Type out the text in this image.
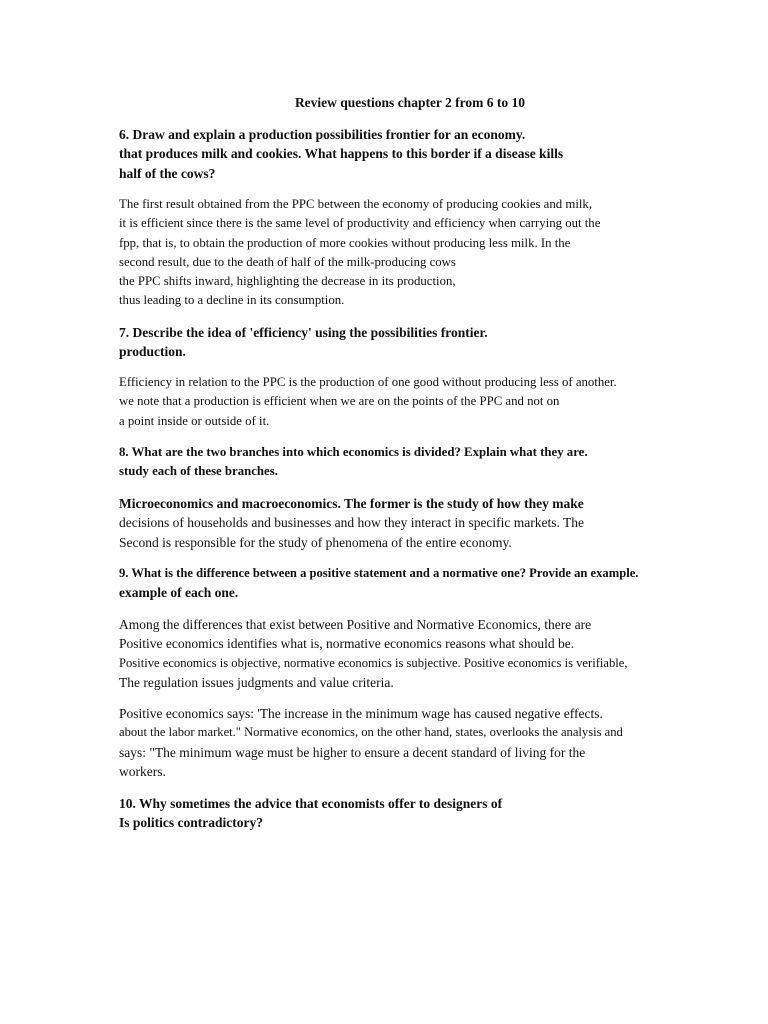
Review questions chapter 2 from 6 to 10
6. Draw and explain a production possibilities frontier for an economy.
that produces milk and cookies. What happens to this border if a disease kills
half of the cows?
The first result obtained from the PPC between the economy of producing cookies and milk,
it is efficient since there is the same level of productivity and efficiency when carrying out the
fpp, that is, to obtain the production of more cookies without producing less milk. In the
second result, due to the death of half of the milk-producing cows
the PPC shifts inward, highlighting the decrease in its production,
thus leading to a decline in its consumption.
7. Describe the idea of 'efficiency' using the possibilities frontier.
production.
Efficiency in relation to the PPC is the production of one good without producing less of another.
we note that a production is efficient when we are on the points of the PPC and not on
a point inside or outside of it.
8. What are the two branches into which economics is divided? Explain what they are.
study each of these branches.
Microeconomics and macroeconomics. The former is the study of how they make
decisions of households and businesses and how they interact in specific markets. The
Second is responsible for the study of phenomena of the entire economy.
9. What is the difference between a positive statement and a normative one? Provide an example.
example of each one.
Among the differences that exist between Positive and Normative Economics, there are
Positive economics identifies what is, normative economics reasons what should be.
Positive economics is objective, normative economics is subjective. Positive economics is verifiable,
The regulation issues judgments and value criteria.
Positive economics says: 'The increase in the minimum wage has caused negative effects.
about the labor market." Normative economics, on the other hand, states, overlooks the analysis and
says: "The minimum wage must be higher to ensure a decent standard of living for the
workers.
10. Why sometimes the advice that economists offer to designers of
Is politics contradictory?
